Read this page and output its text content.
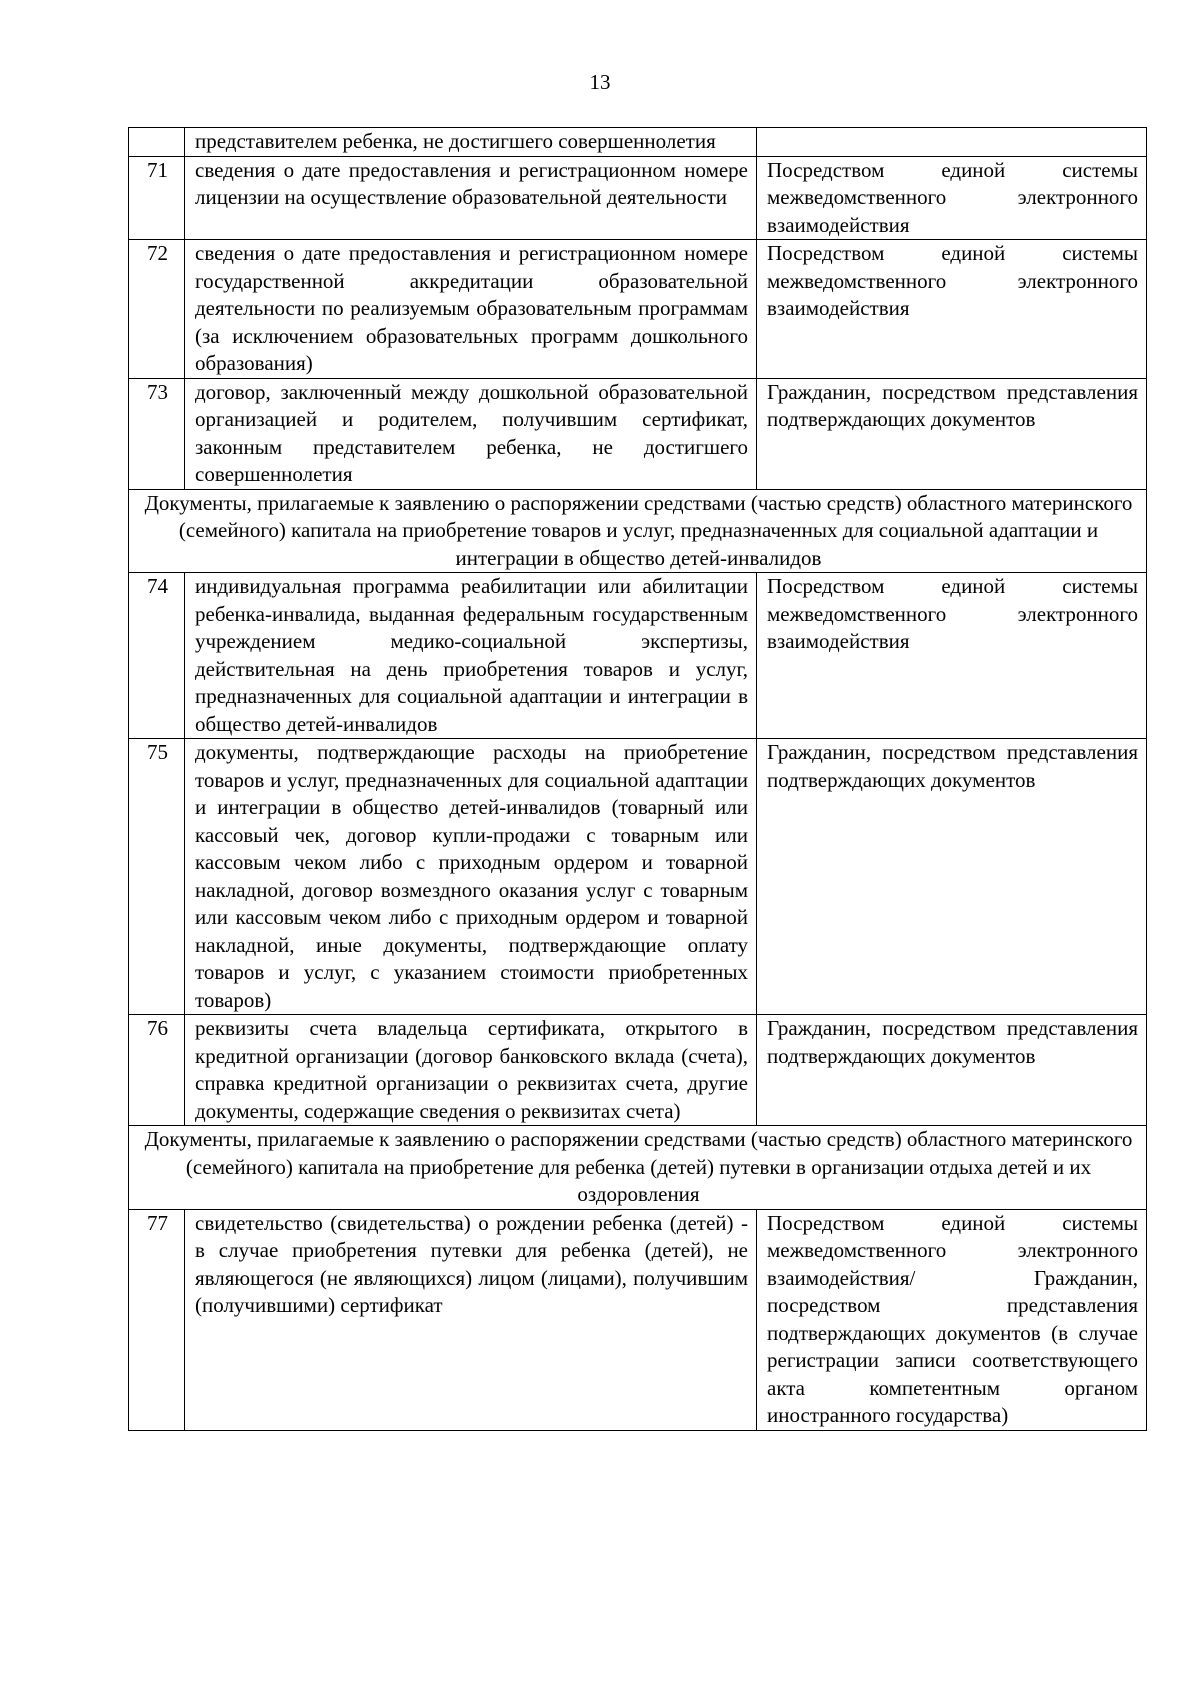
13
	представителем ребенка, не достигшего совершеннолетия	
71	сведения о дате предоставления и регистрационном номере лицензии на осуществление образовательной деятельности	Посредством единой системы межведомственного электронного взаимодействия
72	сведения о дате предоставления и регистрационном номере государственной аккредитации образовательной деятельности по реализуемым образовательным программам (за исключением образовательных программ дошкольного образования)	Посредством единой системы межведомственного электронного взаимодействия
73	договор, заключенный между дошкольной образовательной организацией и родителем, получившим сертификат, законным представителем ребенка, не достигшего совершеннолетия	Гражданин, посредством представления подтверждающих документов
Документы, прилагаемые к заявлению о распоряжении средствами (частью средств) областного материнского (семейного) капитала на приобретение товаров и услуг, предназначенных для социальной адаптации и интеграции в общество детей-инвалидов		
74	индивидуальная программа реабилитации или абилитации ребенка-инвалида, выданная федеральным государственным учреждением медико-социальной экспертизы, действительная на день приобретения товаров и услуг, предназначенных для социальной адаптации и интеграции в общество детей-инвалидов	Посредством единой системы межведомственного электронного взаимодействия
75	документы, подтверждающие расходы на приобретение товаров и услуг, предназначенных для социальной адаптации и интеграции в общество детей-инвалидов (товарный или кассовый чек, договор купли-продажи с товарным или кассовым чеком либо с приходным ордером и товарной накладной, договор возмездного оказания услуг с товарным или кассовым чеком либо с приходным ордером и товарной накладной, иные документы, подтверждающие оплату товаров и услуг, с указанием стоимости приобретенных товаров)	Гражданин, посредством представления подтверждающих документов
76	реквизиты счета владельца сертификата, открытого в кредитной организации (договор банковского вклада (счета), справка кредитной организации о реквизитах счета, другие документы, содержащие сведения о реквизитах счета)	Гражданин, посредством представления подтверждающих документов
Документы, прилагаемые к заявлению о распоряжении средствами (частью средств) областного материнского (семейного) капитала на приобретение для ребенка (детей) путевки в организации отдыха детей и их оздоровления		
77	свидетельство (свидетельства) о рождении ребенка (детей) - в случае приобретения путевки для ребенка (детей), не являющегося (не являющихся) лицом (лицами), получившим (получившими) сертификат	Посредством единой системы межведомственного электронного взаимодействия/ Гражданин, посредством представления подтверждающих документов (в случае регистрации записи соответствующего акта компетентным органом иностранного государства)
